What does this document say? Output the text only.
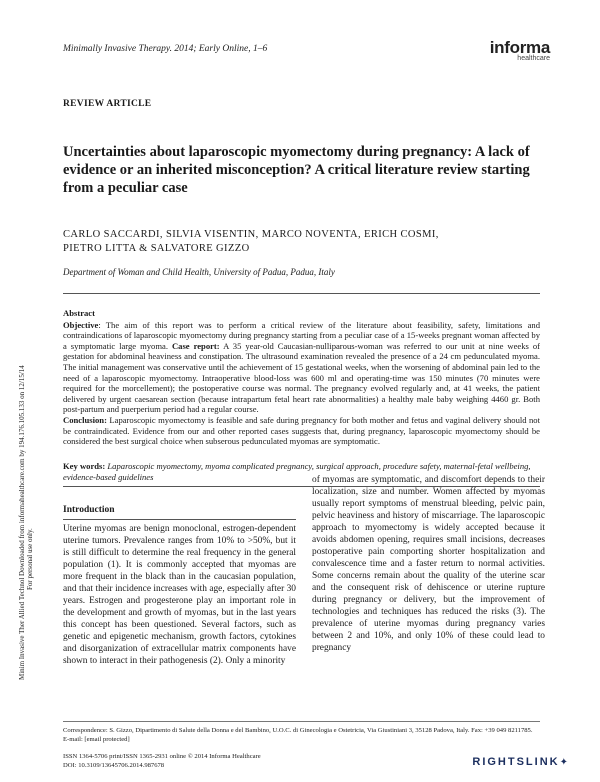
Minim Invasive Ther Allied Technol Downloaded from informahealthcare.com by 194.176.105.133 on 12/15/14 For personal use only.
Minimally Invasive Therapy. 2014; Early Online, 1–6	informa
healthcare
REVIEW ARTICLE
Uncertainties about laparoscopic myomectomy during pregnancy: A lack of evidence or an inherited misconception? A critical literature review starting from a peculiar case
CARLO SACCARDI, SILVIA VISENTIN, MARCO NOVENTA, ERICH COSMI,
PIETRO LITTA & SALVATORE GIZZO
Department of Woman and Child Health, University of Padua, Padua, Italy
Abstract
Objective: The aim of this report was to perform a critical review of the literature about feasibility, safety, limitations and contraindications of laparoscopic myomectomy during pregnancy starting from a peculiar case of a 15-weeks pregnant woman affected by a symptomatic large myoma. Case report: A 35 year-old Caucasian-nulliparous-woman was referred to our unit at nine weeks of gestation for abdominal heaviness and constipation. The ultrasound examination revealed the presence of a 24 cm pedunculated myoma. The initial management was conservative until the achievement of 15 gestational weeks, when the worsening of abdominal pain led to the need of a laparoscopic myomectomy. Intraoperative blood-loss was 600 ml and operating-time was 150 minutes (70 minutes were required for the morcellement); the postoperative course was normal. The pregnancy evolved regularly and, at 41 weeks, the patient delivered by urgent caesarean section (because intrapartum fetal heart rate abnormalities) a healthy male baby weighing 4460 gr. Both post-partum and puerperium period had a regular course.
Conclusion: Laparoscopic myomectomy is feasible and safe during pregnancy for both mother and fetus and vaginal delivery should not be contraindicated. Evidence from our and other reported cases suggests that, during pregnancy, laparoscopic myomectomy should be considered the best surgical choice when subserous pedunculated myomas are symptomatic.
Key words: Laparoscopic myomectomy, myoma complicated pregnancy, surgical approach, procedure safety, maternal-fetal wellbeing, evidence-based guidelines
Introduction

Uterine myomas are benign monoclonal, estrogen-dependent uterine tumors. Prevalence ranges from 10% to >50%, but it is still difficult to determine the real frequency in the general population (1). It is commonly accepted that myomas are more frequent in the black than in the caucasian population, and that their incidence increases with age, especially after 30 years. Estrogen and progesterone play an important role in the development and growth of myomas, but in the last years this concept has been questioned. Several factors, such as genetic and epigenetic mechanism, growth factors, cytokines and disorganization of extracellular matrix components have shown to interact in their pathogenesis (2). Only a minority

of myomas are symptomatic, and discomfort depends to their localization, size and number. Women affected by myomas usually report symptoms of menstrual bleeding, pelvic pain, pelvic heaviness and history of miscarriage. The laparoscopic approach to myomectomy is widely accepted because it avoids abdomen opening, requires small incisions, decreases postoperative pain comporting shorter hospitalization and convalescence time and a faster return to normal activities. Some concerns remain about the quality of the uterine scar and the consequent risk of dehiscence or uterine rupture during pregnancy or delivery, but the improvement of technologies and techniques has reduced the risks (3). The prevalence of uterine myomas during pregnancy varies between 2 and 10%, and only 10% of these could lead to pregnancy

Correspondence: S. Gizzo, Dipartimento di Salute della Donna e del Bambino, U.O.C. di Ginecologia e Ostetricia, Via Giustiniani 3, 35128 Padova, Italy. Fax: +39 049 8211785. E-mail: [email protected]
ISSN 1364-5706 print/ISSN 1365-2931 online © 2014 Informa Healthcare
DOI: 10.3109/13645706.2014.987678	RIGHTSLINK✦
